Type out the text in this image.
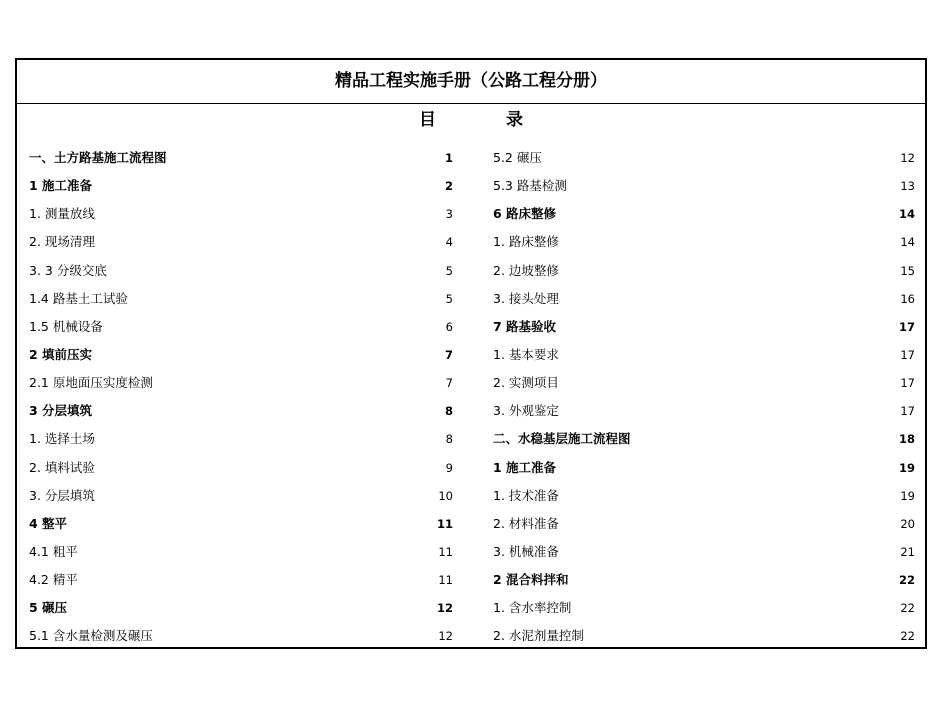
精品工程实施手册（公路工程分册）
目	录
一、土方路基施工流程图	1
1 施工准备	2
1. 测量放线	3
2. 现场清理	4
3. 3 分级交底	5
1.4 路基土工试验	5
1.5 机械设备	6
2 填前压实	7
2.1 原地面压实度检测	7
3 分层填筑	8
1. 选择土场	8
2. 填料试验	9
3. 分层填筑	10
4 整平	11
4.1 粗平	11
4.2 精平	11
5 碾压	12
5.1 含水量检测及碾压	12
5.2 碾压	12
5.3 路基检测	13
6 路床整修	14
1. 路床整修	14
2. 边坡整修	15
3. 接头处理	16
7 路基验收	17
1. 基本要求	17
2. 实测项目	17
3. 外观鉴定	17
二、水稳基层施工流程图	18
1 施工准备	19
1. 技术准备	19
2. 材料准备	20
3. 机械准备	21
2 混合料拌和	22
1. 含水率控制	22
2. 水泥剂量控制	22
